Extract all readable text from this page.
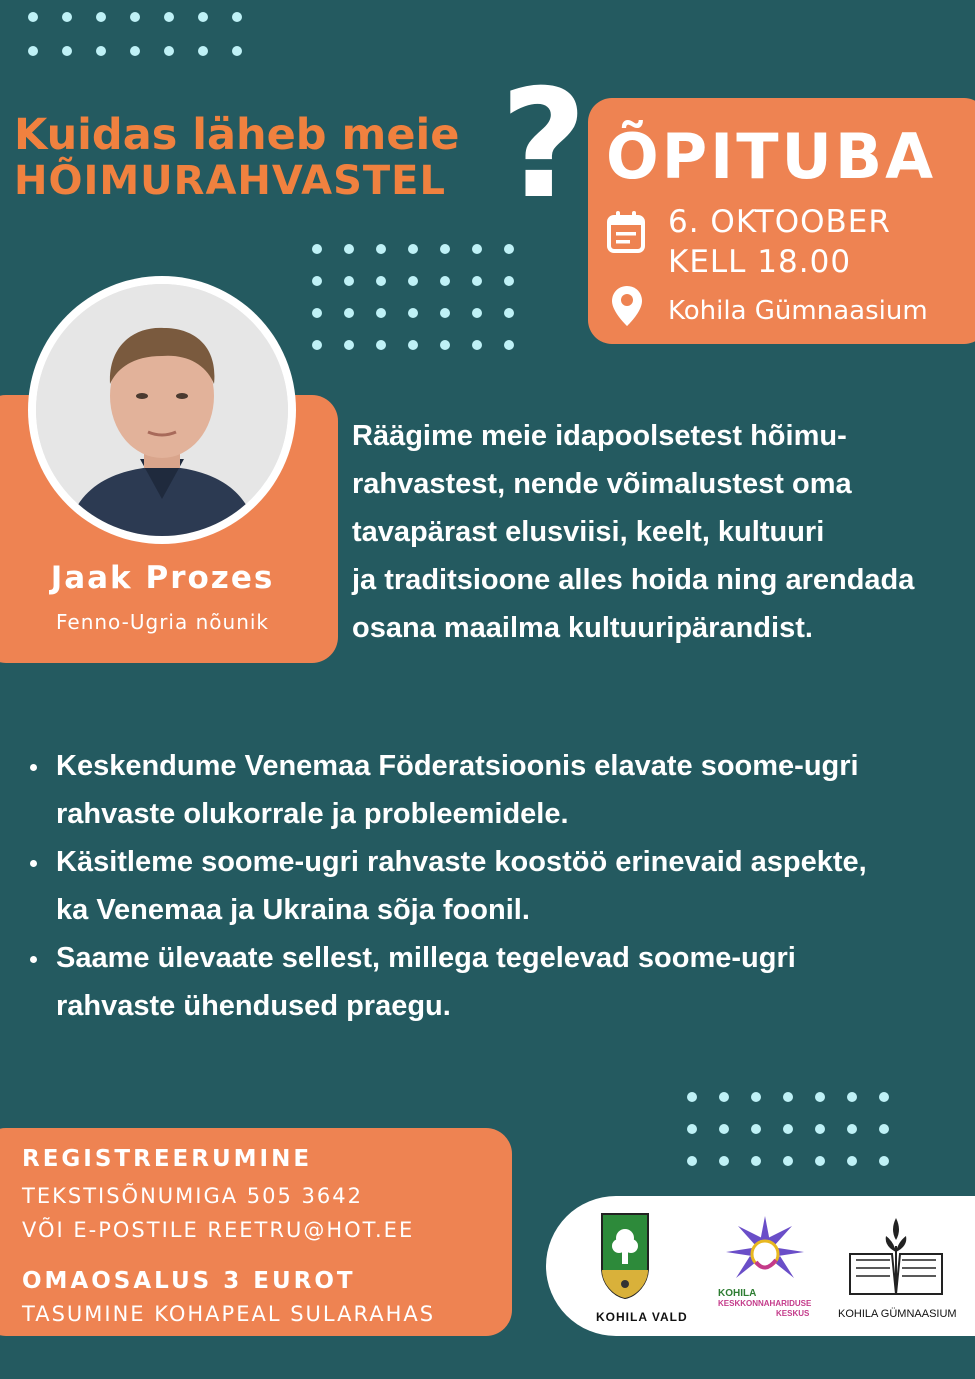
Kuidas läheb meie
HÕIMURAHVASTEL ? ÕPITUBA
6. OKTOOBER
KELL 18.00
Kohila Gümnaasium
Jaak Prozes
Fenno-Ugria nõunik
Räägime meie idapoolsetest hõimu-
rahvastest, nende võimalustest oma
tavapärast elusviisi, keelt, kultuuri
ja traditsioone alles hoida ning arendada
osana maailma kultuuripärandist.
Keskendume Venemaa Föderatsioonis elavate soome-ugri
rahvaste olukorrale ja probleemidele.
Käsitleme soome-ugri rahvaste koostöö erinevaid aspekte,
ka Venemaa ja Ukraina sõja foonil.
Saame ülevaate sellest, millega tegelevad soome-ugri
rahvaste ühendused praegu.
REGISTREERUMINE
TEKSTISÕNUMIGA 505 3642
VÕI E-POSTILE REETRU@HOT.EE
OMAOSALUS 3 EUROT
TASUMINE KOHAPEAL SULARAHAS	KOHILA VALD
KOHILA
KESKKONNAHARIDUSE
KESKUS	KOHILA GÜMNAASIUM
